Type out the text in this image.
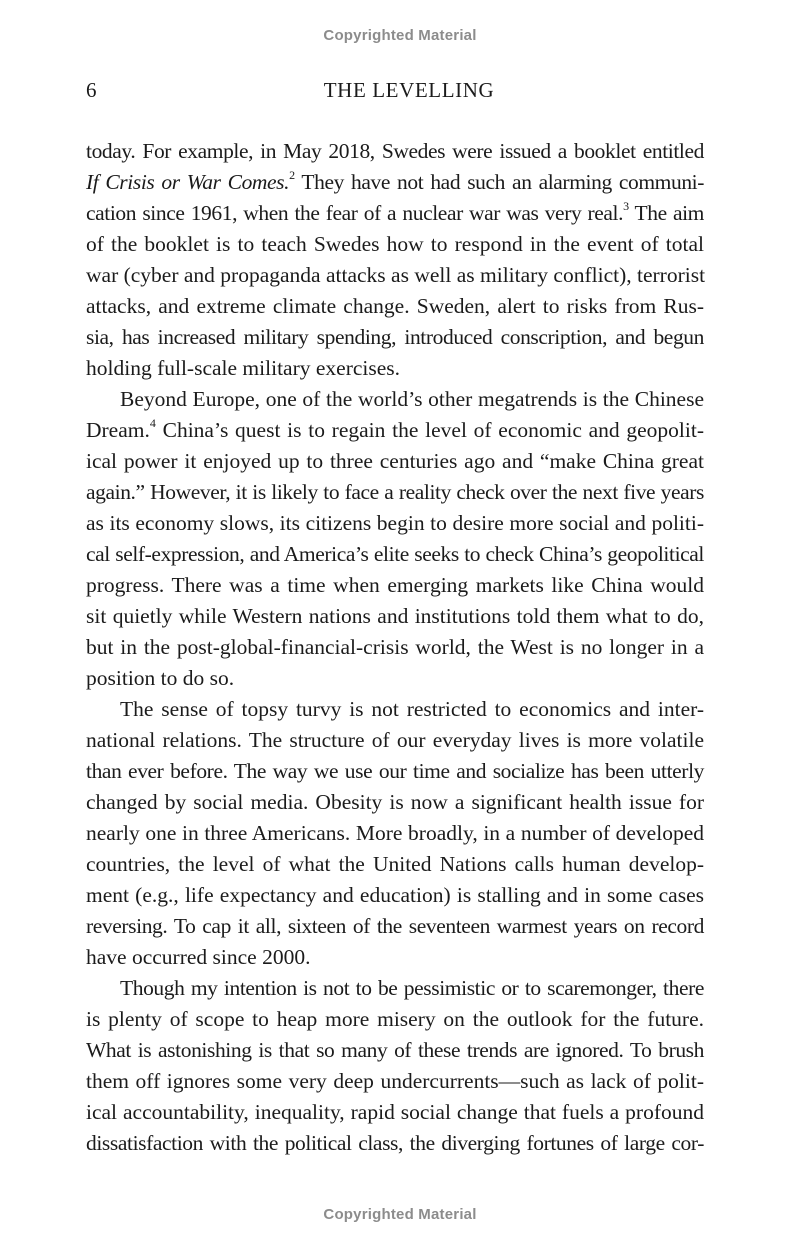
Copyrighted Material
6	THE LEVELLING
today. For example, in May 2018, Swedes were issued a booklet entitled
If Crisis or War Comes.$^2$ They have not had such an alarming communi-
cation since 1961, when the fear of a nuclear war was very real.$^3$ The aim
of the booklet is to teach Swedes how to respond in the event of total
war (cyber and propaganda attacks as well as military conflict), terrorist
attacks, and extreme climate change. Sweden, alert to risks from Rus-
sia, has increased military spending, introduced conscription, and begun
holding full-scale military exercises.
Beyond Europe, one of the world’s other megatrends is the Chinese
Dream.$^4$ China’s quest is to regain the level of economic and geopolit-
ical power it enjoyed up to three centuries ago and “make China great
again.” However, it is likely to face a reality check over the next five years
as its economy slows, its citizens begin to desire more social and politi-
cal self-expression, and America’s elite seeks to check China’s geopolitical
progress. There was a time when emerging markets like China would
sit quietly while Western nations and institutions told them what to do,
but in the post-global-financial-crisis world, the West is no longer in a
position to do so.
The sense of topsy turvy is not restricted to economics and inter-
national relations. The structure of our everyday lives is more volatile
than ever before. The way we use our time and socialize has been utterly
changed by social media. Obesity is now a significant health issue for
nearly one in three Americans. More broadly, in a number of developed
countries, the level of what the United Nations calls human develop-
ment (e.g., life expectancy and education) is stalling and in some cases
reversing. To cap it all, sixteen of the seventeen warmest years on record
have occurred since 2000.
Though my intention is not to be pessimistic or to scaremonger, there
is plenty of scope to heap more misery on the outlook for the future.
What is astonishing is that so many of these trends are ignored. To brush
them off ignores some very deep undercurrents—such as lack of polit-
ical accountability, inequality, rapid social change that fuels a profound
dissatisfaction with the political class, the diverging fortunes of large cor-
Copyrighted Material
